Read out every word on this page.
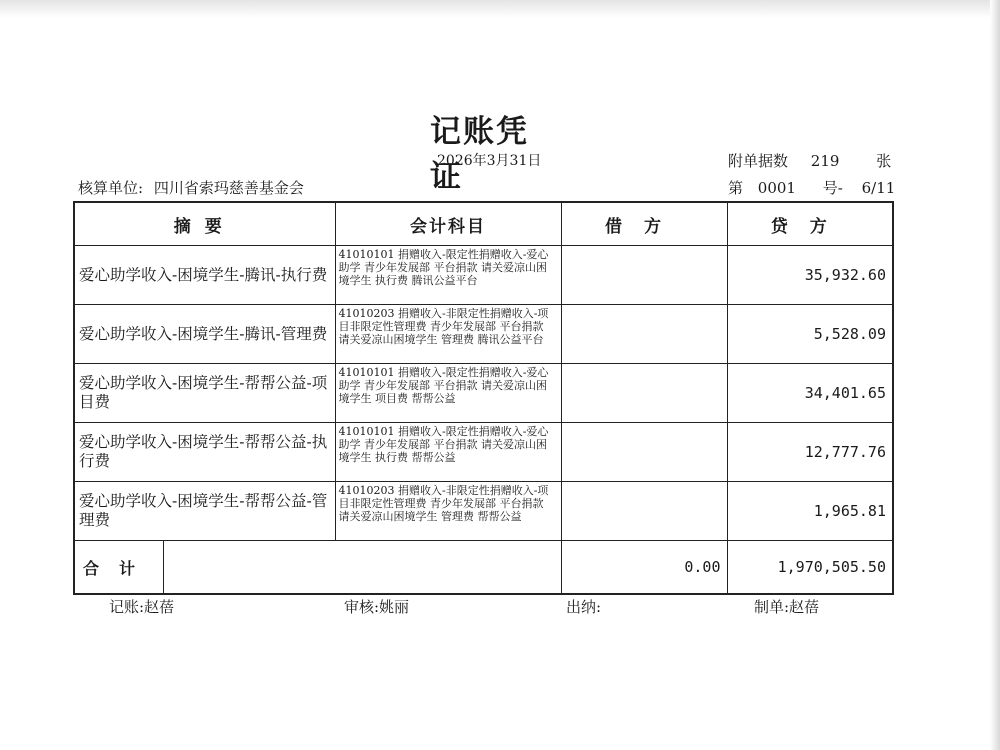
记账凭证
2026年3月31日	附单据数 219 张
核算单位: 四川省索玛慈善基金会	第 0001 号- 6/11
摘要	会计科目	借方	贷方
爱心助学收入-困境学生-腾讯-执行费	41010101 捐赠收入-限定性捐赠收入-爱心助学 青少年发展部 平台捐款 请关爱凉山困境学生 执行费 腾讯公益平台		35,932.60
爱心助学收入-困境学生-腾讯-管理费	41010203 捐赠收入-非限定性捐赠收入-项目非限定性管理费 青少年发展部 平台捐款 请关爱凉山困境学生 管理费 腾讯公益平台		5,528.09
爱心助学收入-困境学生-帮帮公益-项目费	41010101 捐赠收入-限定性捐赠收入-爱心助学 青少年发展部 平台捐款 请关爱凉山困境学生 项目费 帮帮公益		34,401.65
爱心助学收入-困境学生-帮帮公益-执行费	41010101 捐赠收入-限定性捐赠收入-爱心助学 青少年发展部 平台捐款 请关爱凉山困境学生 执行费 帮帮公益		12,777.76
爱心助学收入-困境学生-帮帮公益-管理费	41010203 捐赠收入-非限定性捐赠收入-项目非限定性管理费 青少年发展部 平台捐款 请关爱凉山困境学生 管理费 帮帮公益		1,965.81

合计		0.00	1,970,505.50
记账:赵蓓	审核:姚丽	出纳:	制单:赵蓓
